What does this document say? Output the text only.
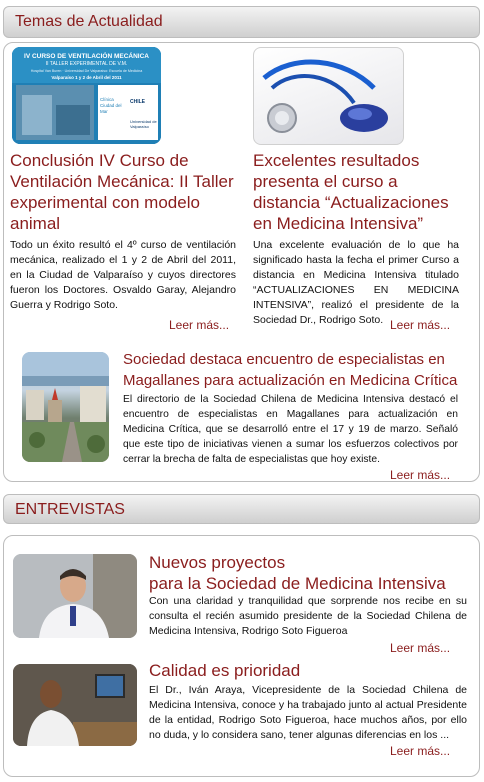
Temas de Actualidad
IV CURSO DE VENTILACIÓN MECÁNICA
II TALLER EXPERIMENTAL DE V.M.
Hospital Van Buren · Universidad De Valparaíso: Escuela de Medicina
Valparaíso 1 y 2 de Abril del 2011
Clínica Ciudad del Mar
CHILE
Universidad de Valparaíso
Conclusión IV Curso de
Ventilación Mecánica: II Taller
experimental con modelo
animal

Todo un éxito resultó el 4º curso de ventilación mecánica, realizado el 1 y 2 de Abril del 2011, en la Ciudad de Valparaíso y cuyos directores fueron los Doctores. Osvaldo Garay, Alejandro Guerra y Rodrigo Soto.

Leer más...
Excelentes resultados
presenta el curso a
distancia “Actualizaciones
en Medicina Intensiva”

Una excelente evaluación de lo que ha significado hasta la fecha el primer Curso a distancia en Medicina Intensiva titulado “ACTUALIZACIONES EN MEDICINA INTENSIVA”, realizó el presidente de la Sociedad Dr., Rodrigo Soto. Leer más...
Sociedad destaca encuentro de especialistas en
Magallanes para actualización en Medicina Crítica

El directorio de la Sociedad Chilena de Medicina Intensiva destacó el encuentro de especialistas en Magallanes para actualización en Medicina Crítica, que se desarrolló entre el 17 y 19 de marzo. Señaló que este tipo de iniciativas vienen a sumar los esfuerzos colectivos por cerrar la brecha de falta de especialistas que hoy existe.

Leer más...
ENTREVISTAS
Nuevos proyectos
para la Sociedad de Medicina Intensiva

Con una claridad y tranquilidad que sorprende nos recibe en su consulta el recién asumido presidente de la Sociedad Chilena de Medicina Intensiva, Rodrigo Soto Figueroa

Leer más...
Calidad es prioridad

El Dr., Iván Araya, Vicepresidente de la Sociedad Chilena de Medicina Intensiva, conoce y ha trabajado junto al actual Presidente de la entidad, Rodrigo Soto Figueroa, hace muchos años, por ello no duda, y lo considera sano, tener algunas diferencias en los ...

Leer más...
